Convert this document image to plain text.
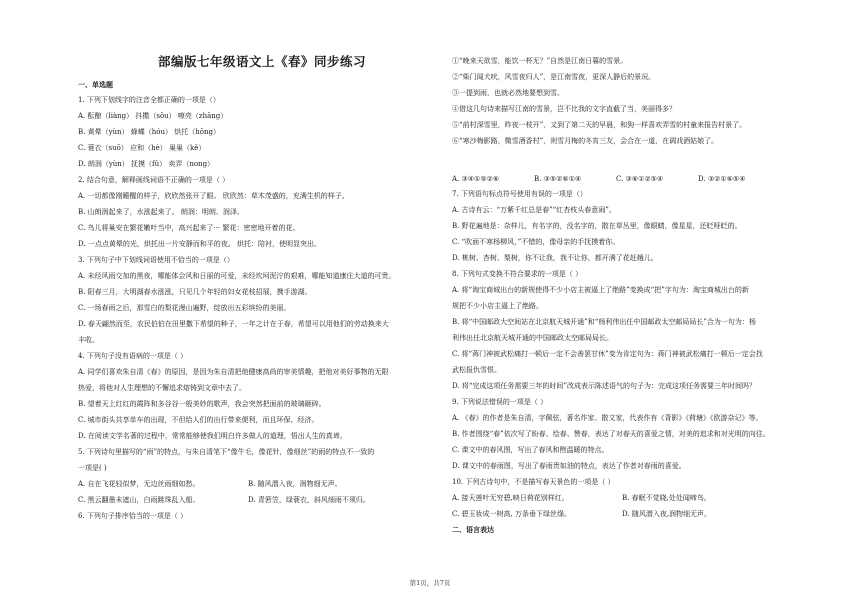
部编版七年级语文上《春》同步练习
一、单选题
1. 下列下划线字的注音全都正确的一项是（）
A. 酝酿（liàng） 抖擞（sǒu） 嘹亮（zhāng）
B. 黄晕（yùn） 蜂蝶（hóu） 烘托（hōng）
C. 蓑衣（suō） 应和（hè） 巢巢（kě）
D. 朗润（yùn） 抚摸（fǔ） 卖弄（nong）
2. 结合句意，解释画线词语不正确的一项是（ ）
A. 一切都像刚睡醒的样子，欣欣然张开了眼。 欣欣然：草木茂盛的，充满生机的样子。
B. 山朗润起来了，水涨起来了。 朗润：明朗、润泽。
C. 鸟儿将巢安在繁花嫩叶当中，高兴起来了··· 繁花：密密地开着的花。
D. 一点点黄晕的光，烘托出一片安静而和平的夜。 烘托：陪衬，使明显突出。
3. 下列句子中下划线词语使用不恰当的一项是（）
A. 未经风雨交加的黑夜，哪能体会风和日丽的可爱，未经坎坷泥泞的艰难，哪能知道康庄大道的可贵。
B. 阳春三月，大明湖春水涨涨，只见几个年轻的妇女花枝招展，携手游湖。
C. 一场春雨之后，那雪白的梨花漫山遍野，绽放出五彩缤纷的美丽。
D. 春天翩然而至，农民伯伯在田里撒下希望的种子，一年之计在于春，希望可以用他们的劳动换来大
丰收。
4. 下列句子没有语病的一项是（ ）
A. 同学们喜欢朱自清《春》的原因，是因为朱自清把他健康高尚的审美情趣，把他对美好事物的无限
热爱，将他对人生理想的不懈追求熔铸到文章中去了。
B. 望着天上红红的霞阵和多谷谷一般美妙的歌声，我会突然把面前的玻璃砸碎。
C. 城市街头共享单车的出现，不但给人们的出行带来便利，而且环保、经济。
D. 在阅读文学名著的过程中，常常能够使我们明白许多做人的道理，悟出人生的真谛。
5. 下列诗句里描写的“雨”的特点，与朱自清笔下“像牛毛，像花针，像细丝”的雨的特点不一致的
一项是( )
A. 自在飞花轻似梦，无边丝雨细如愁。	B. 随风潜入夜，润物细无声。
C. 黑云翻墨未遮山，白雨跳珠乱入船。	D. 青箬笠，绿蓑衣，斜风细雨不须归。
6. 下列句子排序恰当的一项是（ ）
①“晚来天欲雪，能饮一杯无？”自然是江南日暮的雪景。
②“柴门闻犬吠，风雪夜归人”，是江南雪夜，更深人静后的景况。
③一提到雨，也就必然地要想到雪。
④借这几句诗来描写江南的雪景，岂不比我的文字直截了当，美丽得多？
⑤“前村深雪里，昨夜一枝开”，又到了第二天的早晨，和狗一样喜欢弄雪的村童来报告村景了。
⑥“寒沙梅影路，微雪酒香村”，则雪月梅的冬宵三友，会合在一道，在调戏酒姑娘了。
A. ③④①⑤②⑥	B. ③⑤②⑥①④	C. ③⑥①②⑤④	D. ③②①⑥⑤④
7. 下列语句标点符号使用有误的一项是（）
A. 古诗有云：“万紫千红总是春”“红杏枝头春意闹”。
B. 野花遍地是：杂样儿，有名字的，没名字的，散在草丛里，像眼睛，像星星，还眨呀眨的。
C. “吹面不寒杨柳风，”不错的，像母亲的手抚摸着你。
D. 桃树、杏树、梨树，你不让我，我不让你，都开满了花赶趟儿。
8. 下列句式变换不符合要求的一项是（ ）
A. 将“淘宝商城出台的新规使得不少小店主被逼上了绝路”变换成“把”字句为：淘宝商城出台的新
规把不少小店主逼上了绝路。
B. 将“中国邮政大空间站在北京航天城开通”和“杨利伟出任中国邮政太空邮局局长”合为一句为：杨
利伟出任北京航天城开通的中国邮政太空邮局局长。
C. 将“蒋门神被武松痛打一顿后一定不会善罢甘休”变为肯定句为：蒋门神被武松痛打一顿后一定会找
武松报仇雪恨。
D. 将“完成这项任务需要三年的时间”改成表示陈述语气的句子为：完成这项任务需要三年时间吗？
9. 下列说法错误的一项是（ ）
A. 《春》的作者是朱自清，字佩弦，著名作家、散文家，代表作有《背影》《荷塘》《欧游杂记》等。
B. 作者围绕“春”依次写了盼春、绘春、赞春，表达了对春天的喜爱之情，对美的追求和对光明的向往。
C. 课文中的春风图，写出了春风和煦温暖的特点。
D. 课文中的春雨图，写出了春雨贵如油的特点，表达了作者对春雨的喜爱。
10. 下列古诗句中，不是描写春天景色的一项是（ ）
A. 接天莲叶无穷碧,映日荷花别样红。	B. 春眠不觉晓,处处闻啼鸟。
C. 碧玉妆成一树高, 万条垂下绿丝绦。	D. 随风潜入夜,润物细无声。
二、语言表达
第1页，共7页
